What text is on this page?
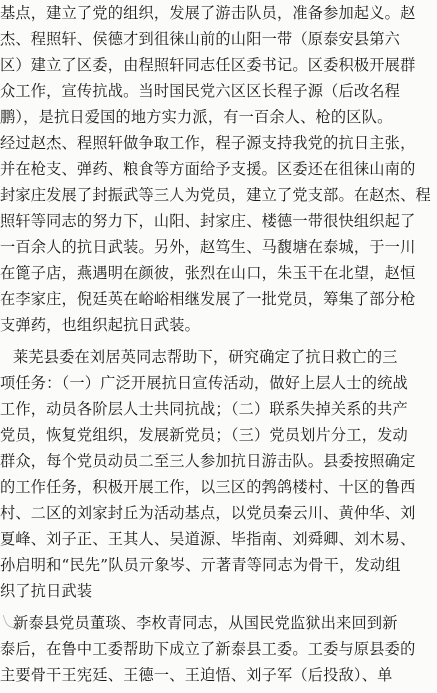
基点，建立了党的组织，发展了游击队员，准备参加起义。赵
杰、程照轩、侯德才到徂徕山前的山阳一带（原泰安县第六
区）建立了区委，由程照轩同志任区委书记。区委积极开展群
众工作，宣传抗战。当时国民党六区区长程子源（后改名程
鹏），是抗日爱国的地方实力派，有一百余人、枪的区队。
经过赵杰、程照轩做争取工作，程子源支持我党的抗日主张，
并在枪支、弹药、粮食等方面给予支援。区委还在徂徕山南的
封家庄发展了封振武等三人为党员，建立了党支部。在赵杰、程
照轩等同志的努力下，山阳、封家庄、楼德一带很快组织起了
一百余人的抗日武装。另外，赵笃生、马馥塘在泰城，于一川
在篦子店，燕遇明在颜彼，张烈在山口，朱玉干在北望，赵恒
在李家庄，倪廷英在峪峪相继发展了一批党员，筹集了部分枪
支弹药，也组织起抗日武装。
莱芜县委在刘居英同志帮助下，研究确定了抗日救亡的三
项任务：（一）广泛开展抗日宣传活动，做好上层人士的统战
工作，动员各阶层人士共同抗战；（二）联系失掉关系的共产
党员，恢复党组织，发展新党员；（三）党员划片分工，发动
群众，每个党员动员二至三人参加抗日游击队。县委按照确定
的工作任务，积极开展工作，以三区的鹁鸽楼村、十区的鲁西
村、二区的刘家封丘为活动基点，以党员秦云川、黄仲华、刘
夏峰、刘子正、王其人、吴道源、毕指南、刘舜卿、刘木易、
孙启明和“民先”队员亓象岑、亓著青等同志为骨干，发动组
织了抗日武装
新泰县党员董琰、李枚青同志，从国民党监狱出来回到新
泰后，在鲁中工委帮助下成立了新泰县工委。工委与原县委的
主要骨干王宪廷、王德一、王迫悟、刘子军（后投敌）、单
